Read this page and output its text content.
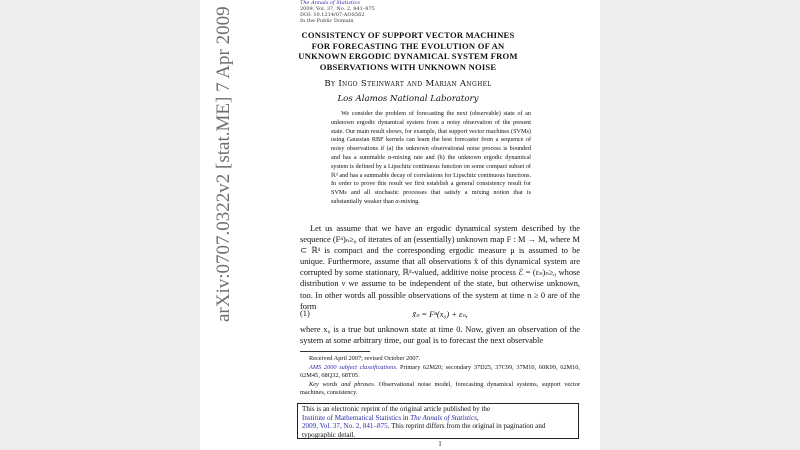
arXiv:0707.0322v2 [stat.ME] 7 Apr 2009
The Annals of Statistics
2009, Vol. 37, No. 2, 841–875
DOI: 10.1214/07-AOS562
In the Public Domain
CONSISTENCY OF SUPPORT VECTOR MACHINES FOR FORECASTING THE EVOLUTION OF AN UNKNOWN ERGODIC DYNAMICAL SYSTEM FROM OBSERVATIONS WITH UNKNOWN NOISE
By Ingo Steinwart and Marian Anghel
Los Alamos National Laboratory
We consider the problem of forecasting the next (observable) state of an unknown ergodic dynamical system from a noisy observation of the present state. Our main result shows, for example, that support vector machines (SVMs) using Gaussian RBF kernels can learn the best forecaster from a sequence of noisy observations if (a) the unknown observational noise process is bounded and has a summable α-mixing rate and (b) the unknown ergodic dynamical system is defined by a Lipschitz continuous function on some compact subset of ℝᵈ and has a summable decay of correlations for Lipschitz continuous functions. In order to prove this result we first establish a general consistency result for SVMs and all stochastic processes that satisfy a mixing notion that is substantially weaker than α-mixing.
Let us assume that we have an ergodic dynamical system described by the sequence (Fⁿ)ₙ≥₀ of iterates of an (essentially) unknown map F : M → M, where M ⊂ ℝᵈ is compact and the corresponding ergodic measure μ is assumed to be unique. Furthermore, assume that all observations x̃ of this dynamical system are corrupted by some stationary, ℝᵈ-valued, additive noise process ℰ = (εₙ)ₙ≥₀ whose distribution ν we assume to be independent of the state, but otherwise unknown, too. In other words all possible observations of the system at time n ≥ 0 are of the form
(1)	x̃ₙ = Fⁿ(x₀) + εₙ,
where x₀ is a true but unknown state at time 0. Now, given an observation of the system at some arbitrary time, our goal is to forecast the next observable

Received April 2007; revised October 2007.

AMS 2000 subject classifications. Primary 62M20; secondary 37D25, 37C99, 37M10, 60K99, 62M10, 62M45, 68Q32, 68T05.

Key words and phrases. Observational noise model, forecasting dynamical systems, support vector machines, consistency.

This is an electronic reprint of the original article published by the
Institute of Mathematical Statistics in The Annals of Statistics,
2009, Vol. 37, No. 2, 841–875. This reprint differs from the original in pagination and typographic detail.
1
